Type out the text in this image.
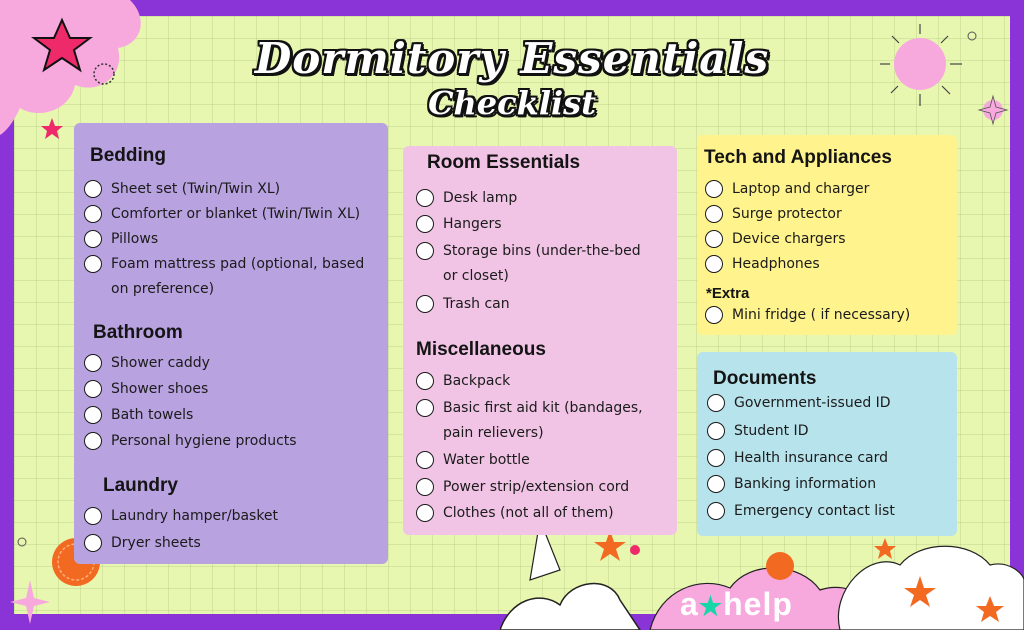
Dormitory Essentials
Checklist
Bedding
Sheet set (Twin/Twin XL)
Comforter or blanket (Twin/Twin XL)
Pillows
Foam mattress pad (optional, based on preference)
Bathroom
Shower caddy
Shower shoes
Bath towels
Personal hygiene products
Laundry
Laundry hamper/basket
Dryer sheets
Room Essentials
Desk lamp
Hangers
Storage bins (under-the-bed or closet)
Trash can
Miscellaneous
Backpack
Basic first aid kit (bandages, pain relievers)
Water bottle
Power strip/extension cord
Clothes (not all of them)
Tech and Appliances
Laptop and charger
Surge protector
Device chargers
Headphones
*Extra
Mini fridge ( if necessary)
Documents
Government-issued ID
Student ID
Health insurance card
Banking information
Emergency contact list
a★help
